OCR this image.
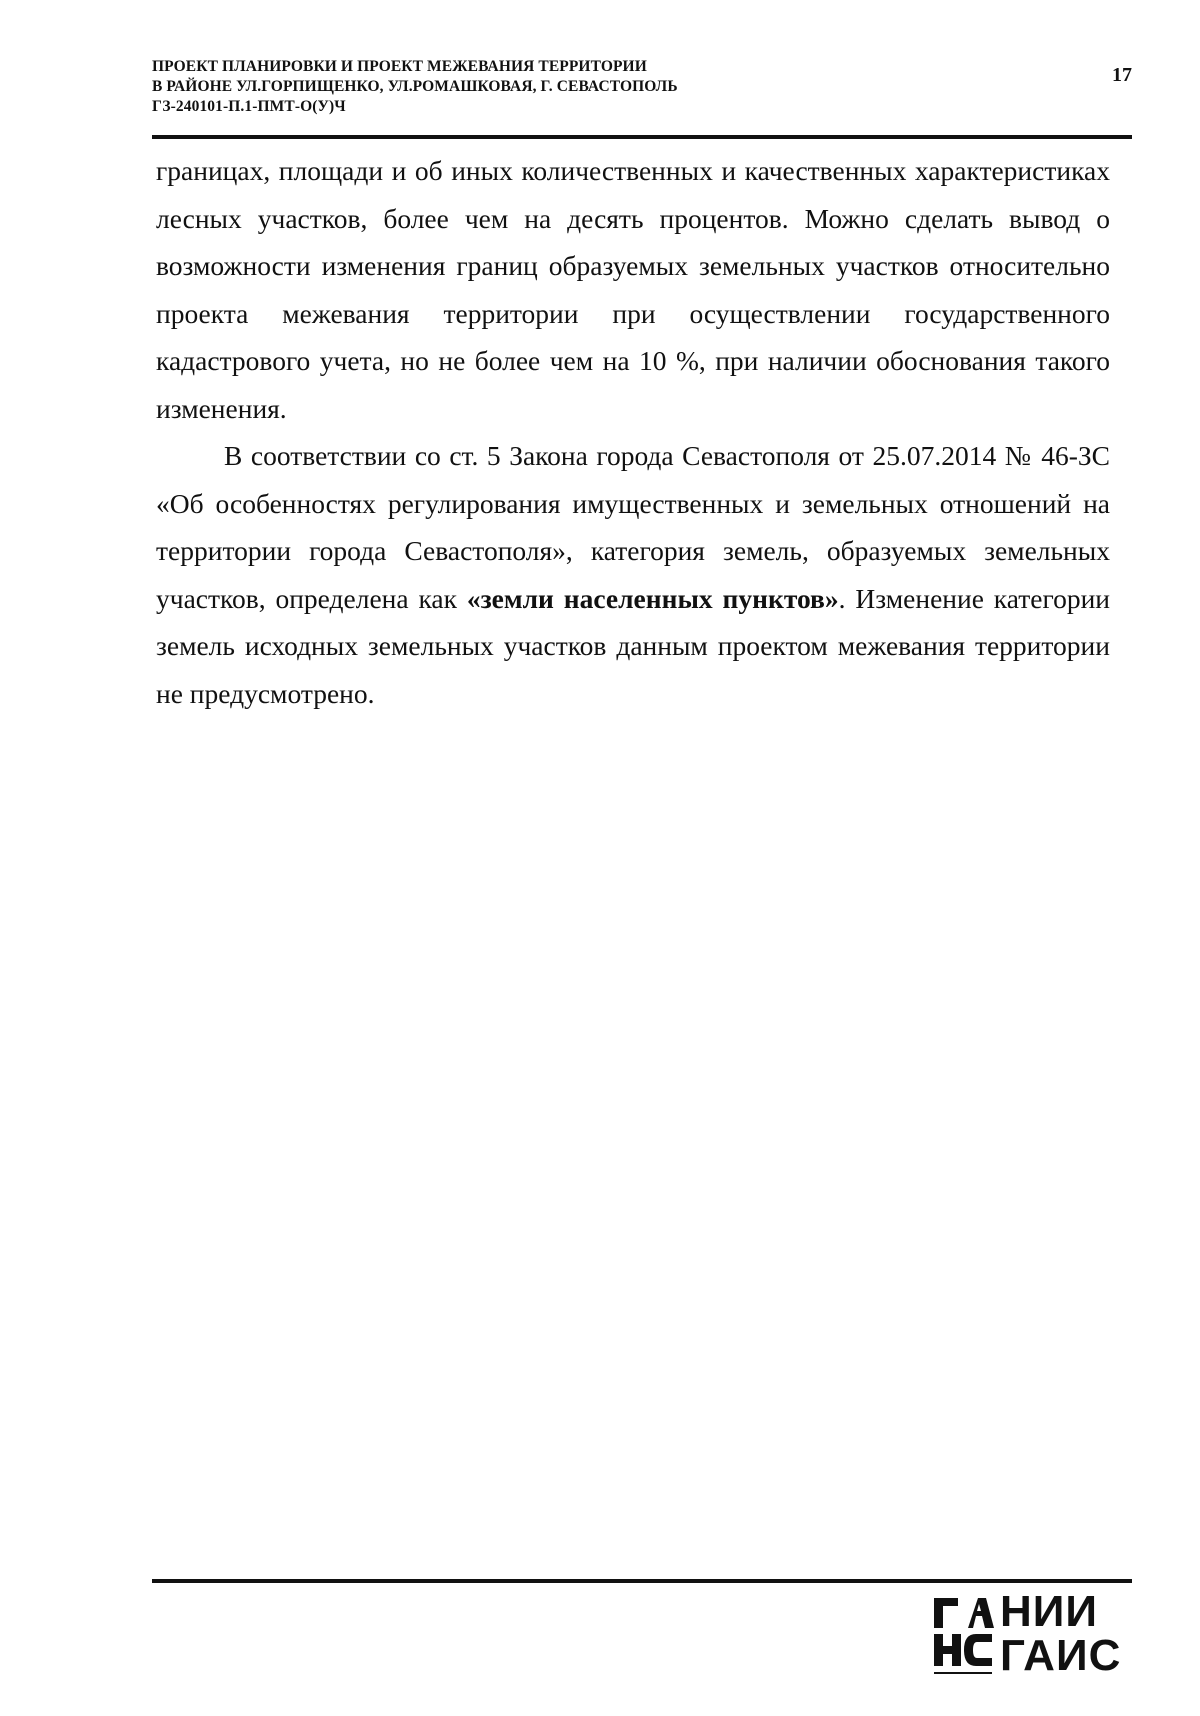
ПРОЕКТ ПЛАНИРОВКИ И ПРОЕКТ МЕЖЕВАНИЯ ТЕРРИТОРИИ
В РАЙОНЕ УЛ.ГОРПИЩЕНКО, УЛ.РОМАШКОВАЯ, Г. СЕВАСТОПОЛЬ
ГЗ-240101-П.1-ПМТ-О(У)Ч
17

границах, площади и об иных количественных и качественных характеристиках лесных участков, более чем на десять процентов. Можно сделать вывод о возможности изменения границ образуемых земельных участков относительно проекта межевания территории при осуществлении государственного кадастрового учета, но не более чем на 10 %, при наличии обоснования такого изменения.

В соответствии со ст. 5 Закона города Севастополя от 25.07.2014 № 46-ЗС «Об особенностях регулирования имущественных и земельных отношений на территории города Севастополя», категория земель, образуемых земельных участков, определена как «земли населенных пунктов». Изменение категории земель исходных земельных участков данным проектом межевания территории не предусмотрено.

НИИ
ГАИС
